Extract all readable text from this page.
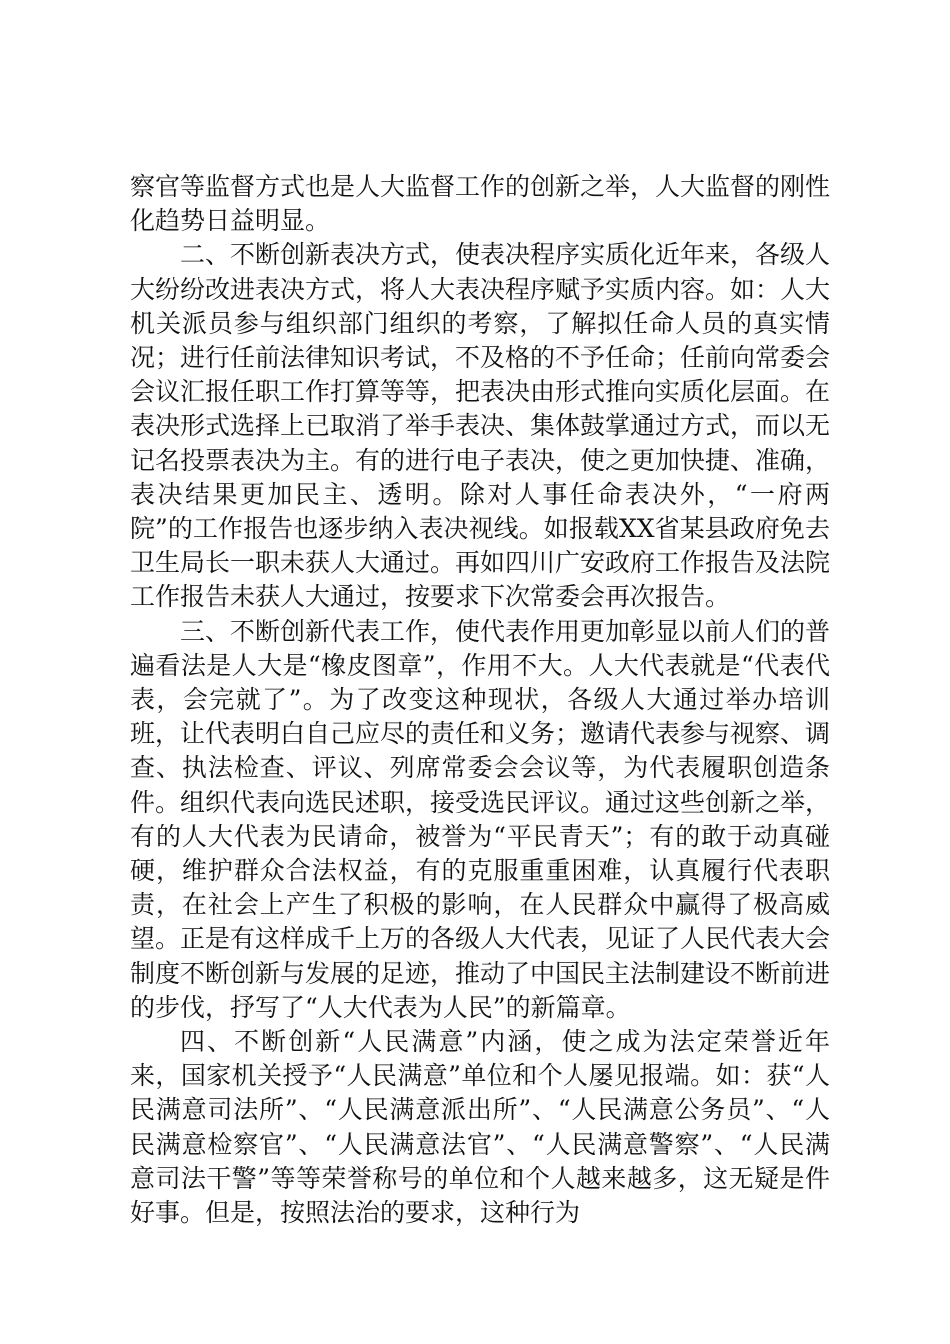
察官等监督方式也是人大监督工作的创新之举，人大监督的刚性化趋势日益明显。

二、不断创新表决方式，使表决程序实质化近年来，各级人大纷纷改进表决方式，将人大表决程序赋予实质内容。如：人大机关派员参与组织部门组织的考察，了解拟任命人员的真实情况；进行任前法律知识考试，不及格的不予任命；任前向常委会会议汇报任职工作打算等等，把表决由形式推向实质化层面。在表决形式选择上已取消了举手表决、集体鼓掌通过方式，而以无记名投票表决为主。有的进行电子表决，使之更加快捷、准确，表决结果更加民主、透明。除对人事任命表决外，“一府两院”的工作报告也逐步纳入表决视线。如报载XX省某县政府免去卫生局长一职未获人大通过。再如四川广安政府工作报告及法院工作报告未获人大通过，按要求下次常委会再次报告。

三、不断创新代表工作，使代表作用更加彰显以前人们的普遍看法是人大是“橡皮图章”，作用不大。人大代表就是“代表代表，会完就了”。为了改变这种现状，各级人大通过举办培训班，让代表明白自己应尽的责任和义务；邀请代表参与视察、调查、执法检查、评议、列席常委会会议等，为代表履职创造条件。组织代表向选民述职，接受选民评议。通过这些创新之举，有的人大代表为民请命，被誉为“平民青天”；有的敢于动真碰硬，维护群众合法权益，有的克服重重困难，认真履行代表职责，在社会上产生了积极的影响，在人民群众中赢得了极高威望。正是有这样成千上万的各级人大代表，见证了人民代表大会制度不断创新与发展的足迹，推动了中国民主法制建设不断前进的步伐，抒写了“人大代表为人民”的新篇章。

四、不断创新“人民满意”内涵，使之成为法定荣誉近年来，国家机关授予“人民满意”单位和个人屡见报端。如：获“人民满意司法所”、“人民满意派出所”、“人民满意公务员”、“人民满意检察官”、“人民满意法官”、“人民满意警察”、“人民满意司法干警”等等荣誉称号的单位和个人越来越多，这无疑是件好事。但是，按照法治的要求，这种行为
